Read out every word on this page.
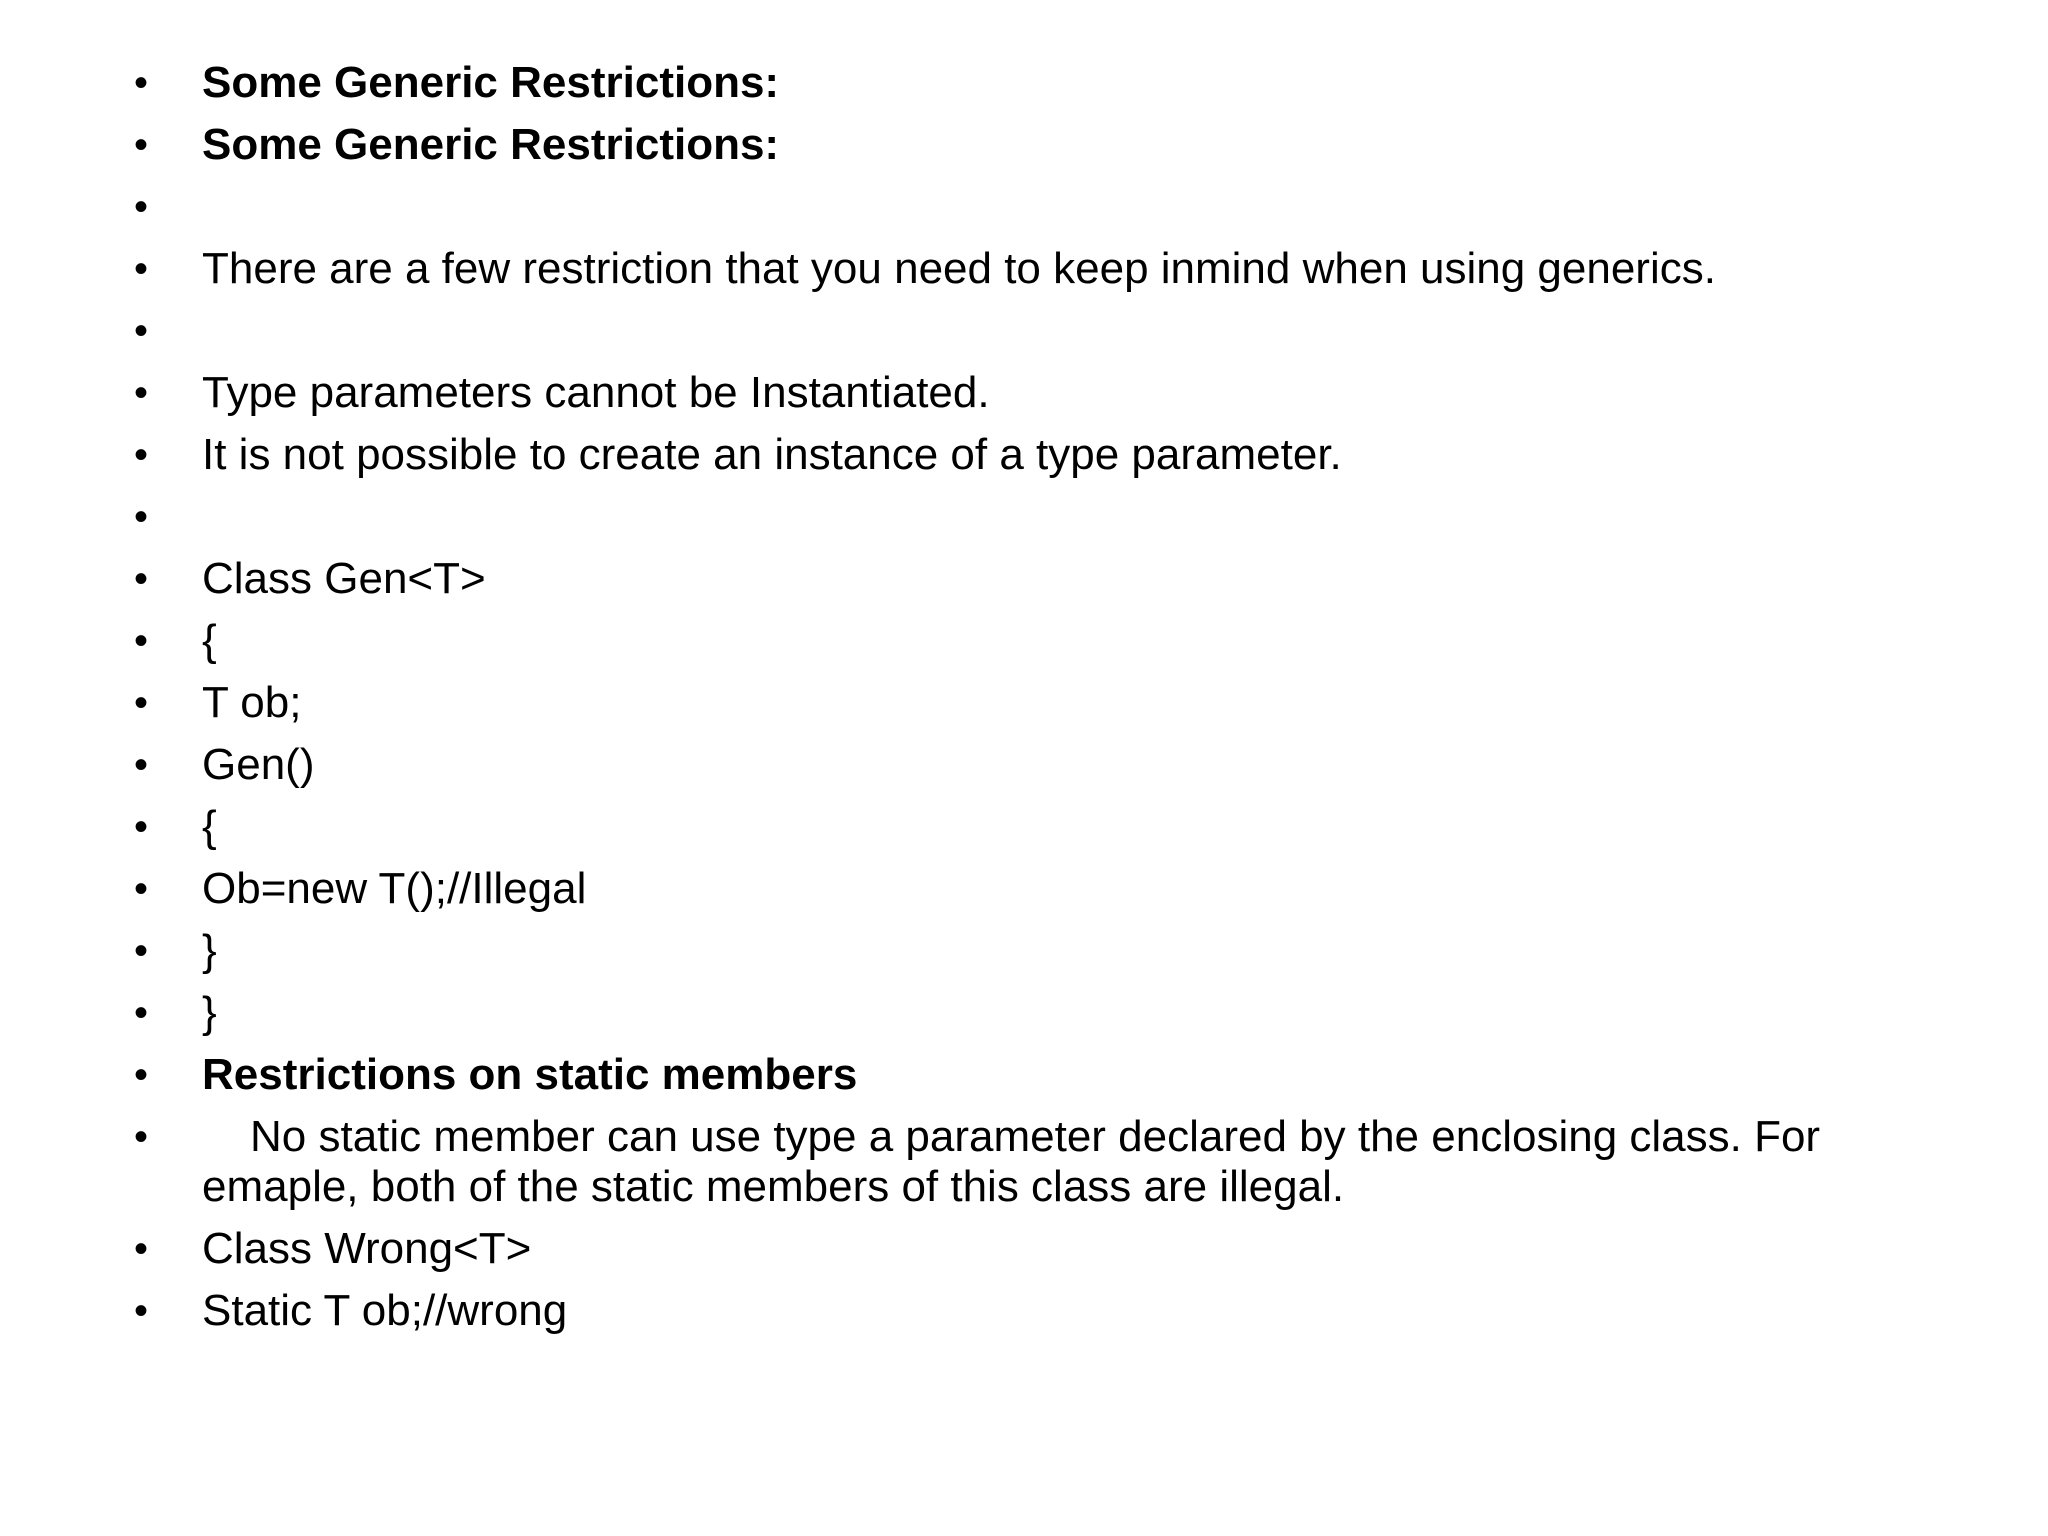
• Some Generic Restrictions:
• Some Generic Restrictions:
•
• There are a few restriction that you need to keep inmind when using generics.
•
• Type parameters cannot be Instantiated.
• It is not possible to create an instance of a type parameter.
•
• Class Gen<T>
• {
• T ob;
• Gen()
• {
• Ob=new T();//Illegal
• }
• }
• Restrictions on static members
• No static member can use type a parameter declared by the enclosing class. For emaple, both of the static members of this class are illegal.
• Class Wrong<T>
• Static T ob;//wrong
